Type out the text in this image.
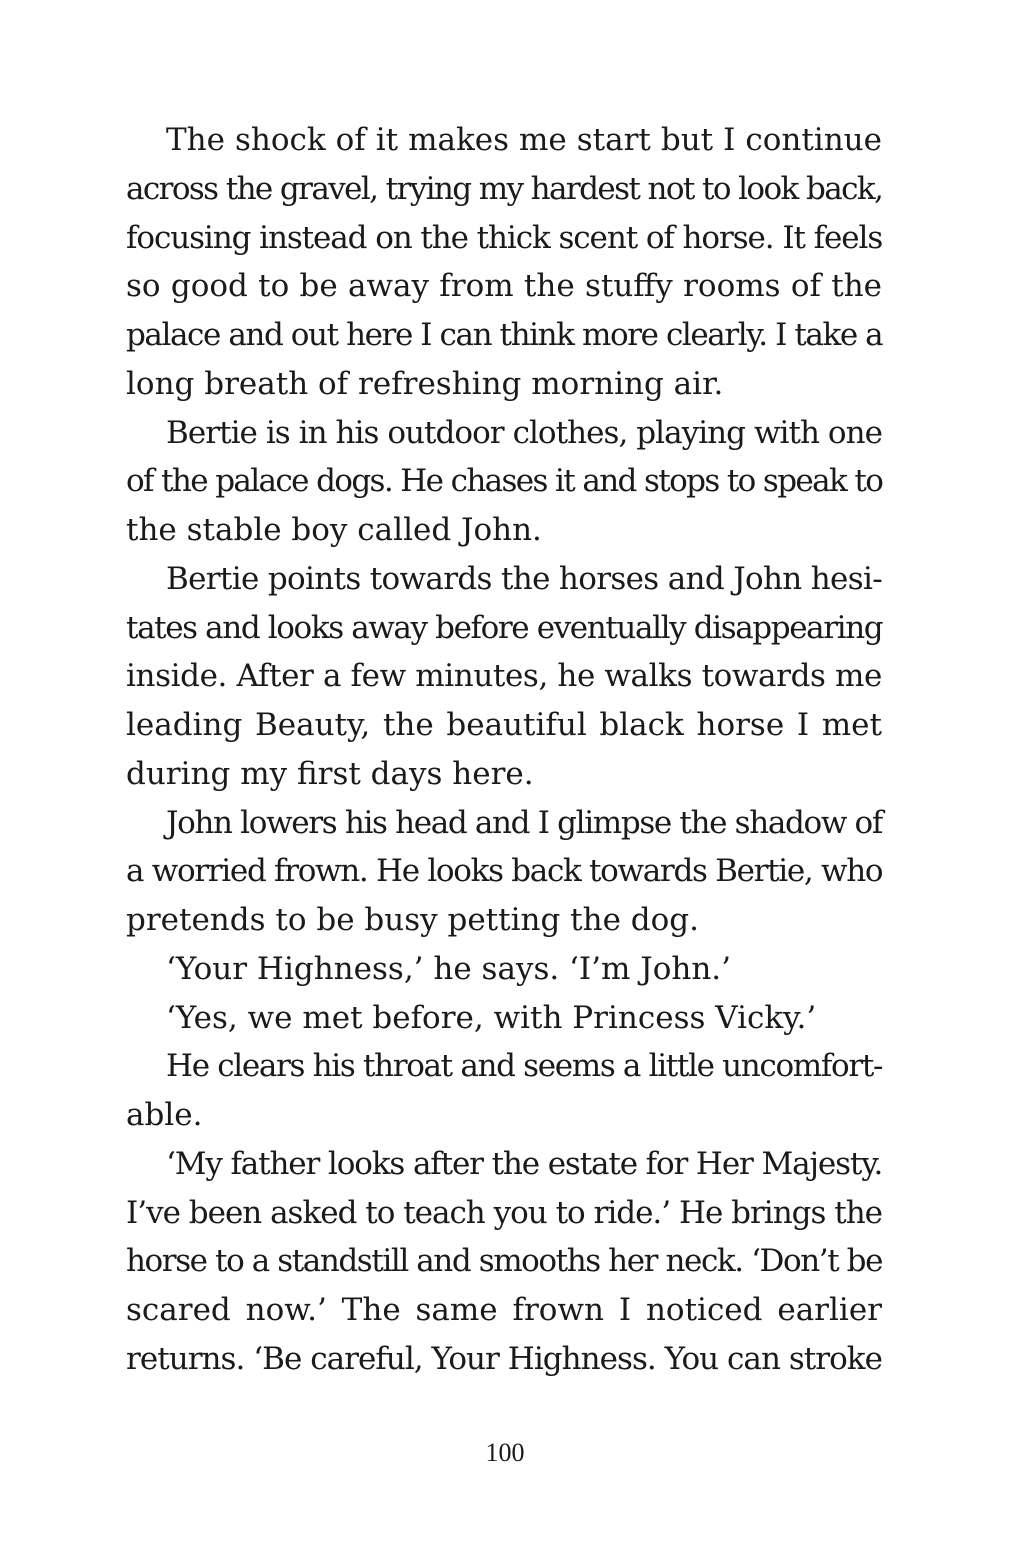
The shock of it makes me start but I continue
across the gravel, trying my hardest not to look back,
focusing instead on the thick scent of horse. It feels
so good to be away from the stuffy rooms of the
palace and out here I can think more clearly. I take a
long breath of refreshing morning air.
Bertie is in his outdoor clothes, playing with one
of the palace dogs. He chases it and stops to speak to
the stable boy called John.
Bertie points towards the horses and John hesi-
tates and looks away before eventually disappearing
inside. After a few minutes, he walks towards me
leading Beauty, the beautiful black horse I met
during my first days here.
John lowers his head and I glimpse the shadow of
a worried frown. He looks back towards Bertie, who
pretends to be busy petting the dog.
‘Your Highness,’ he says. ‘I’m John.’
‘Yes, we met before, with Princess Vicky.’
He clears his throat and seems a little uncomfort-
able.
‘My father looks after the estate for Her Majesty.
I’ve been asked to teach you to ride.’ He brings the
horse to a standstill and smooths her neck. ‘Don’t be
scared now.’ The same frown I noticed earlier
returns. ‘Be careful, Your Highness. You can stroke
100
